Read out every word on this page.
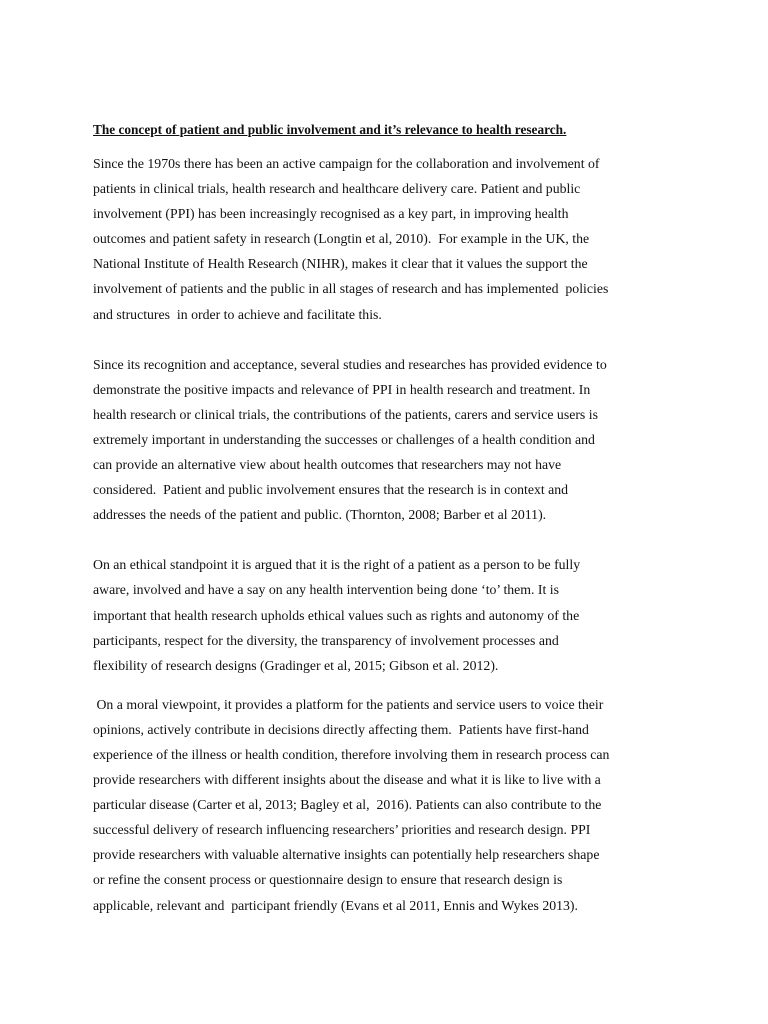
The concept of patient and public involvement and it’s relevance to health research.
Since the 1970s there has been an active campaign for the collaboration and involvement of
patients in clinical trials, health research and healthcare delivery care. Patient and public
involvement (PPI) has been increasingly recognised as a key part, in improving health
outcomes and patient safety in research (Longtin et al, 2010).  For example in the UK, the
National Institute of Health Research (NIHR), makes it clear that it values the support the
involvement of patients and the public in all stages of research and has implemented  policies
and structures  in order to achieve and facilitate this.
Since its recognition and acceptance, several studies and researches has provided evidence to
demonstrate the positive impacts and relevance of PPI in health research and treatment. In
health research or clinical trials, the contributions of the patients, carers and service users is
extremely important in understanding the successes or challenges of a health condition and
can provide an alternative view about health outcomes that researchers may not have
considered.  Patient and public involvement ensures that the research is in context and
addresses the needs of the patient and public. (Thornton, 2008; Barber et al 2011).
On an ethical standpoint it is argued that it is the right of a patient as a person to be fully
aware, involved and have a say on any health intervention being done ‘to’ them. It is
important that health research upholds ethical values such as rights and autonomy of the
participants, respect for the diversity, the transparency of involvement processes and
flexibility of research designs (Gradinger et al, 2015; Gibson et al. 2012).
On a moral viewpoint, it provides a platform for the patients and service users to voice their
opinions, actively contribute in decisions directly affecting them.  Patients have first-hand
experience of the illness or health condition, therefore involving them in research process can
provide researchers with different insights about the disease and what it is like to live with a
particular disease (Carter et al, 2013; Bagley et al,  2016). Patients can also contribute to the
successful delivery of research influencing researchers’ priorities and research design. PPI
provide researchers with valuable alternative insights can potentially help researchers shape
or refine the consent process or questionnaire design to ensure that research design is
applicable, relevant and  participant friendly (Evans et al 2011, Ennis and Wykes 2013).
